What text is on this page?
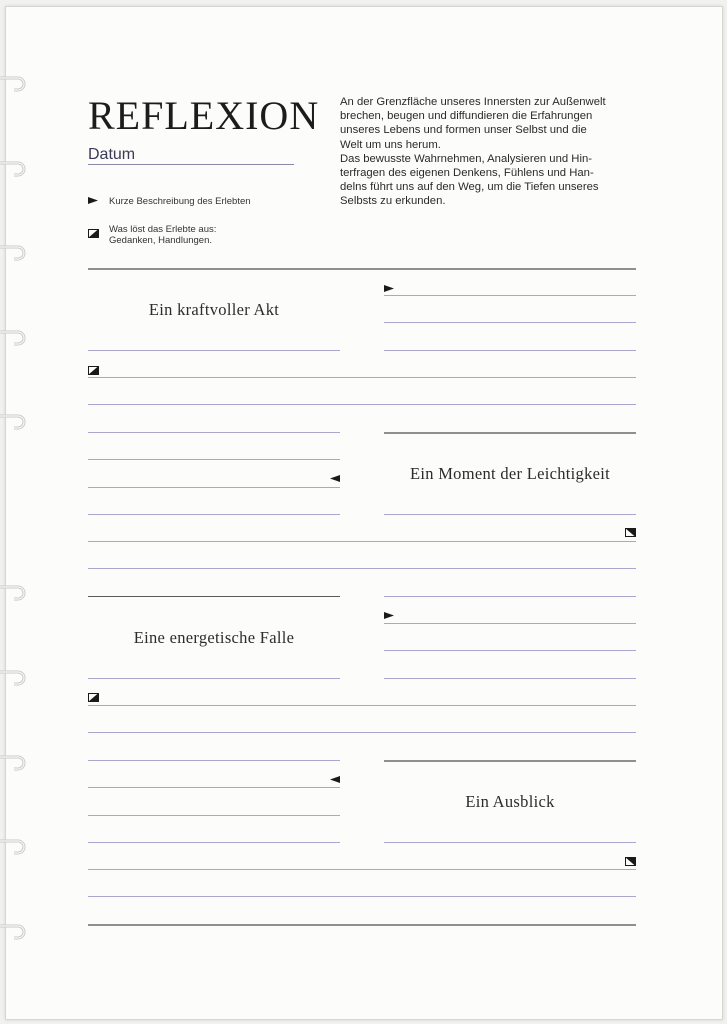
REFLEXION
Datum
Kurze Beschreibung des Erlebten
Was löst das Erlebte aus:
Gedanken, Handlungen.

An der Grenzfläche unseres Innersten zur Außenwelt
brechen, beugen und diffundieren die Erfahrungen
unseres Lebens und formen unser Selbst und die
Welt um uns herum.
Das bewusste Wahrnehmen, Analysieren und Hin-
terfragen des eigenen Denkens, Fühlens und Han-
delns führt uns auf den Weg, um die Tiefen unseres
Selbsts zu erkunden.

Ein kraftvoller Akt
Ein Moment der Leichtigkeit
Eine energetische Falle
Ein Ausblick
